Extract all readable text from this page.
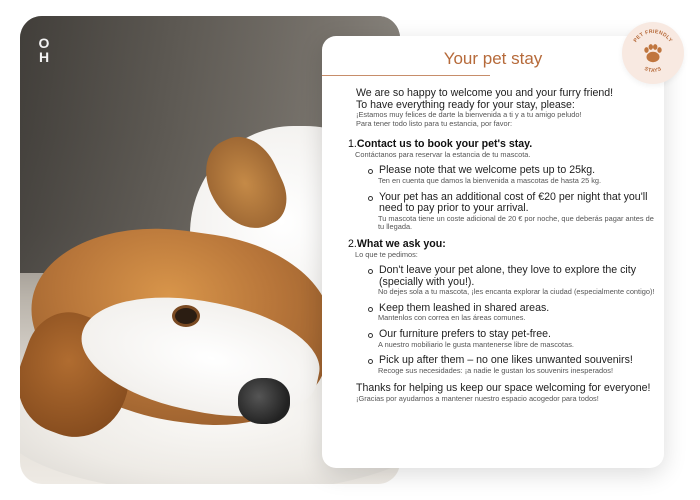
O
H	Your pet stay
We are so happy to welcome you and your furry friend!
To have everything ready for your stay, please:
¡Estamos muy felices de darte la bienvenida a ti y a tu amigo peludo!
Para tener todo listo para tu estancia, por favor:
1.Contact us to book your pet's stay.
Contáctanos para reservar la estancia de tu mascota.
Please note that we welcome pets up to 25kg.
Ten en cuenta que damos la bienvenida a mascotas de hasta 25 kg.
Your pet has an additional cost of €20 per night that you'll need to pay prior to your arrival.
Tu mascota tiene un coste adicional de 20 € por noche, que deberás pagar antes de tu llegada.
2.What we ask you:
Lo que te pedimos:
Don't leave your pet alone, they love to explore the city (specially with you!).
No dejes sola a tu mascota, ¡les encanta explorar la ciudad (especialmente contigo)!
Keep them leashed in shared areas.
Mantenlos con correa en las áreas comunes.
Our furniture prefers to stay pet-free.
A nuestro mobiliario le gusta mantenerse libre de mascotas.
Pick up after them – no one likes unwanted souvenirs!
Recoge sus necesidades: ¡a nadie le gustan los souvenirs inesperados!
Thanks for helping us keep our space welcoming for everyone!
¡Gracias por ayudarnos a mantener nuestro espacio acogedor para todos!
PET FRIENDLY
STAYS
